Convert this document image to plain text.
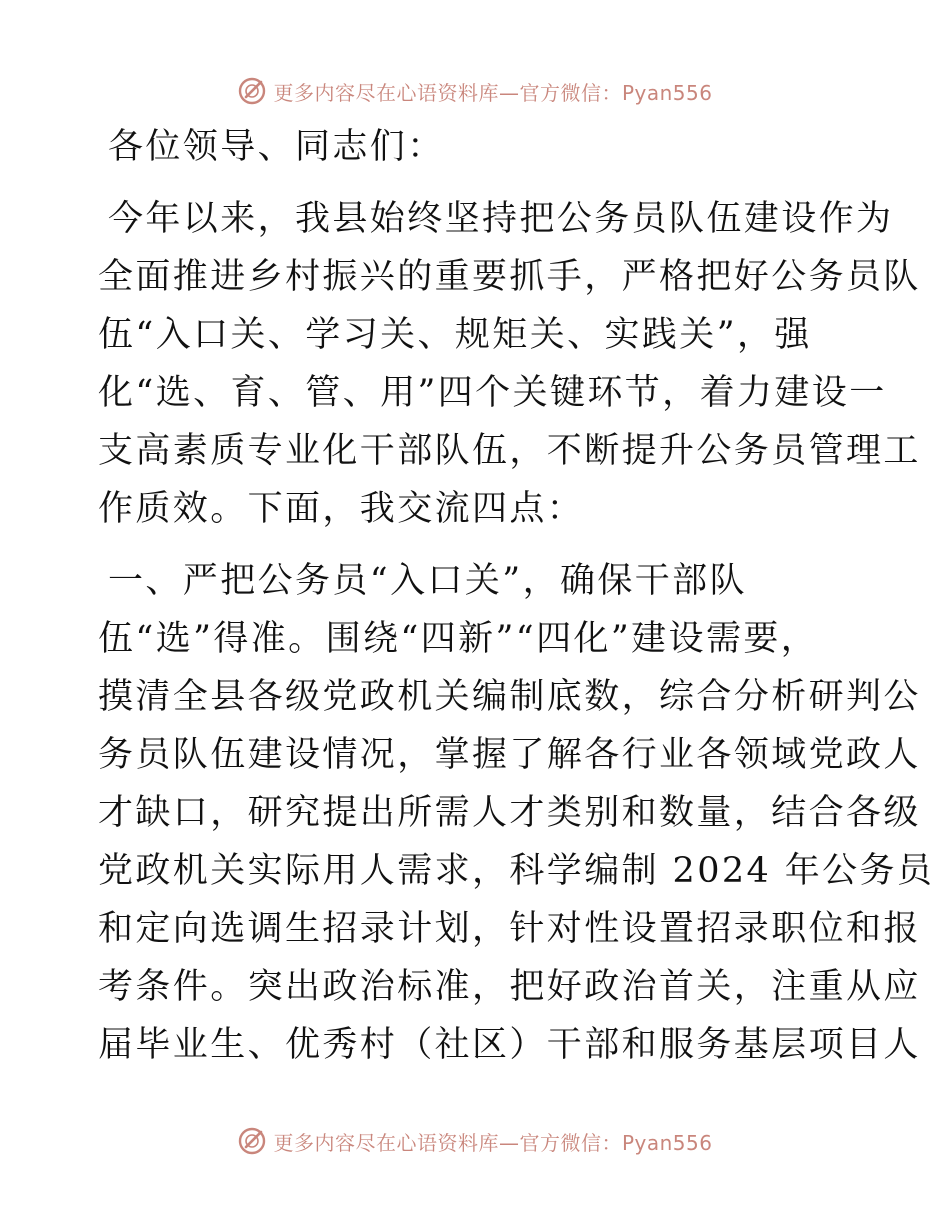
更多内容尽在心语资料库—官方微信：Pyan556
各位领导、同志们：
今年以来，我县始终坚持把公务员队伍建设作为
全面推进乡村振兴的重要抓手，严格把好公务员队
伍“入口关、学习关、规矩关、实践关”，强
化“选、育、管、用”四个关键环节，着力建设一
支高素质专业化干部队伍，不断提升公务员管理工
作质效。下面，我交流四点：
一、严把公务员“入口关”，确保干部队
伍“选”得准。围绕“四新”“四化”建设需要，
摸清全县各级党政机关编制底数，综合分析研判公
务员队伍建设情况，掌握了解各行业各领域党政人
才缺口，研究提出所需人才类别和数量，结合各级
党政机关实际用人需求，科学编制 2024 年公务员
和定向选调生招录计划，针对性设置招录职位和报
考条件。突出政治标准，把好政治首关，注重从应
届毕业生、优秀村（社区）干部和服务基层项目人
更多内容尽在心语资料库—官方微信：Pyan556
